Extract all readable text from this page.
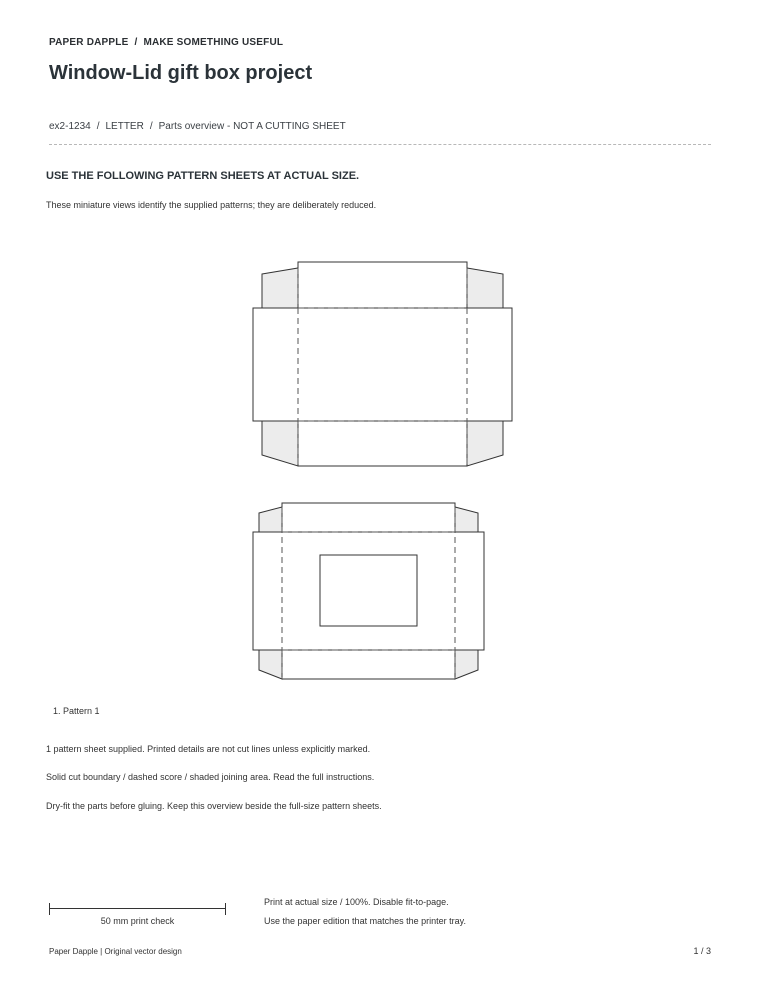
PAPER DAPPLE / MAKE SOMETHING USEFUL
Window-Lid gift box project
ex2-1234 / LETTER / Parts overview - NOT A CUTTING SHEET
USE THE FOLLOWING PATTERN SHEETS AT ACTUAL SIZE.
These miniature views identify the supplied patterns; they are deliberately reduced.
1. Pattern 1
1 pattern sheet supplied. Printed details are not cut lines unless explicitly marked.
Solid cut boundary / dashed score / shaded joining area. Read the full instructions.
Dry-fit the parts before gluing. Keep this overview beside the full-size pattern sheets.
50 mm print check
Print at actual size / 100%. Disable fit-to-page.
Use the paper edition that matches the printer tray.
Paper Dapple | Original vector design	1 / 3
